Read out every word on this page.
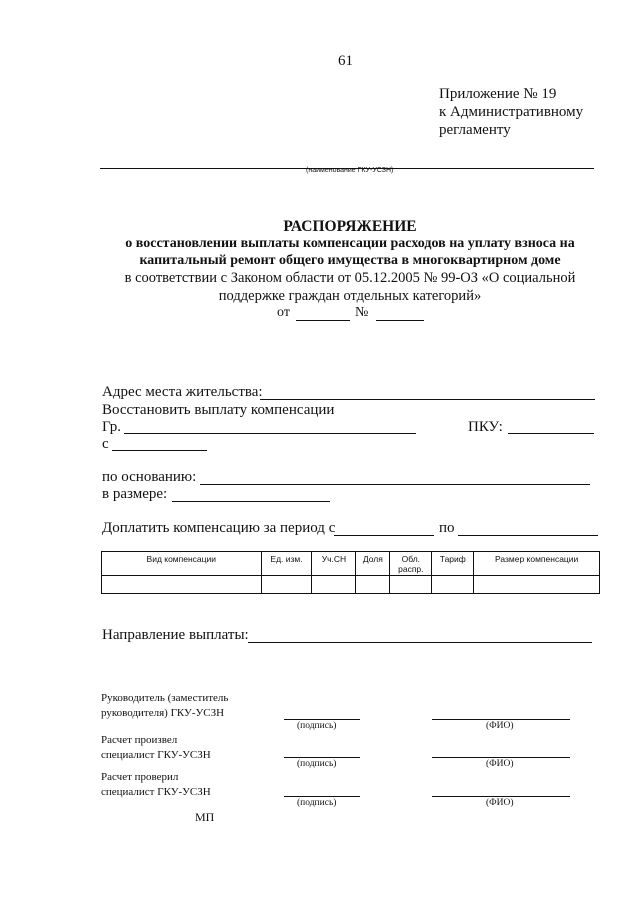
61
Приложение № 19
к Административному
регламенту
(наименование ГКУ-УСЗН)
РАСПОРЯЖЕНИЕ
о восстановлении выплаты компенсации расходов на уплату взноса на
капитальный ремонт общего имущества в многоквартирном доме
в соответствии с Законом области от 05.12.2005 № 99-ОЗ «О социальной
поддержке граждан отдельных категорий»
от	№
Адрес места жительства:
Восстановить выплату компенсации
Гр.	ПКУ:
с
по основанию:
в размере:
Доплатить компенсацию за период с	по
Вид компенсации	Ед. изм.	Уч.СН	Доля	Обл. распр.	Тариф	Размер компенсации

Направление выплаты:
Руководитель (заместитель
руководителя) ГКУ-УСЗН
(подпись)	(ФИО)
Расчет произвел
специалист ГКУ-УСЗН
(подпись)	(ФИО)
Расчет проверил
специалист ГКУ-УСЗН
(подпись)	(ФИО)
МП
